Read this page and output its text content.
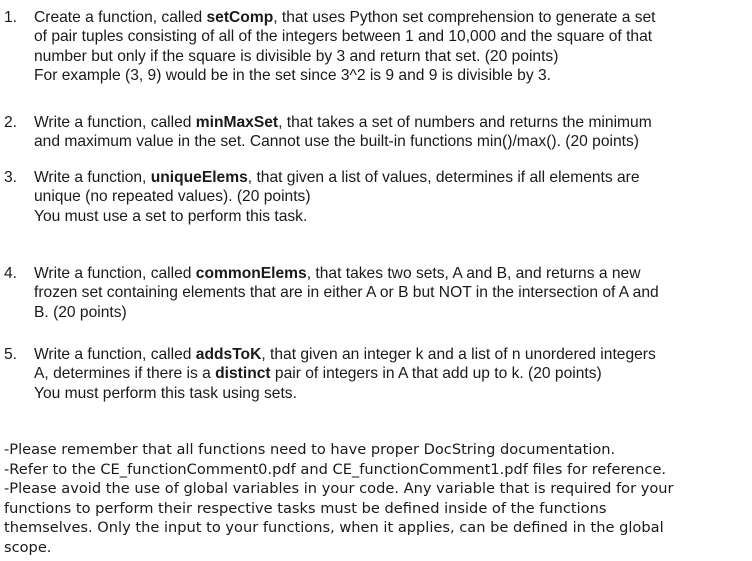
1.	Create a function, called setComp, that uses Python set comprehension to generate a set
of pair tuples consisting of all of the integers between 1 and 10,000 and the square of that
number but only if the square is divisible by 3 and return that set. (20 points)
For example (3, 9) would be in the set since 3^2 is 9 and 9 is divisible by 3.
2.	Write a function, called minMaxSet, that takes a set of numbers and returns the minimum
and maximum value in the set. Cannot use the built-in functions min()/max(). (20 points)
3.	Write a function, uniqueElems, that given a list of values, determines if all elements are
unique (no repeated values). (20 points)
You must use a set to perform this task.
4.	Write a function, called commonElems, that takes two sets, A and B, and returns a new
frozen set containing elements that are in either A or B but NOT in the intersection of A and
B. (20 points)
5.	Write a function, called addsToK, that given an integer k and a list of n unordered integers
A, determines if there is a distinct pair of integers in A that add up to k. (20 points)
You must perform this task using sets.
-Please remember that all functions need to have proper DocString documentation.
-Refer to the CE_functionComment0.pdf and CE_functionComment1.pdf files for reference.
-Please avoid the use of global variables in your code. Any variable that is required for your
functions to perform their respective tasks must be defined inside of the functions
themselves. Only the input to your functions, when it applies, can be defined in the global
scope.
